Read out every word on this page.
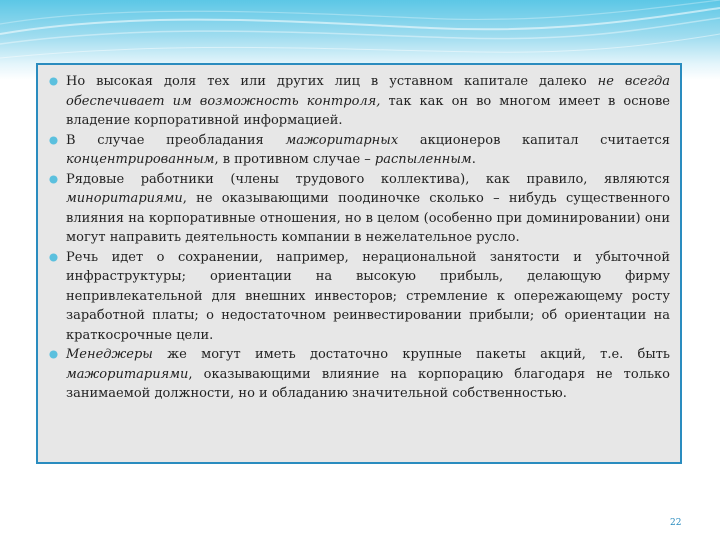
Но высокая доля тех или других лиц в уставном капитале далеко не всегда обеспечивает им возможность контроля, так как он во многом имеет в основе владение корпоративной информацией.
В случае преобладания мажоритарных акционеров капитал считается концентрированным, в противном случае – распыленным.
Рядовые работники (члены трудового коллектива), как правило, являются миноритариями, не оказывающими поодиночке сколько – нибудь существенного влияния на корпоративные отношения, но в целом (особенно при доминировании) они могут направить деятельность компании в нежелательное русло.
Речь идет о сохранении, например, нерациональной занятости и убыточной инфраструктуры; ориентации на высокую прибыль, делающую фирму непривлекательной для внешних инвесторов; стремление к опережающему росту заработной платы; о недостаточном реинвестировании прибыли; об ориентации на краткосрочные цели.
Менеджеры же могут иметь достаточно крупные пакеты акций, т.е. быть мажоритариями, оказывающими влияние на корпорацию благодаря не только занимаемой должности, но и обладанию значительной собственностью.
22
